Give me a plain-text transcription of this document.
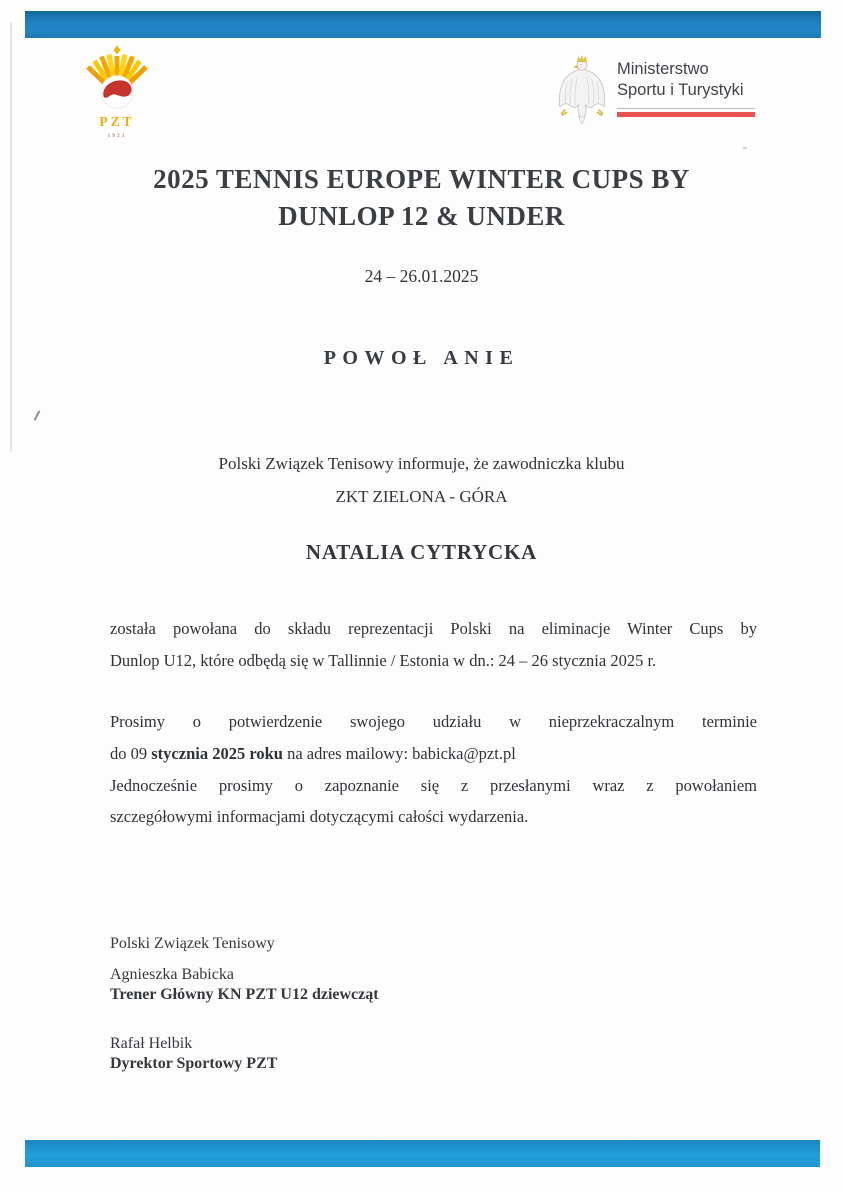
PZT
1921
Ministerstwo
Sportu i Turystyki
2025 TENNIS EUROPE WINTER CUPS BY
DUNLOP 12 & UNDER
24 – 26.01.2025
POWOŁ ANIE
Polski Związek Tenisowy informuje, że zawodniczka klubu
ZKT ZIELONA - GÓRA
NATALIA CYTRYCKA
została powołana do składu reprezentacji Polski na eliminacje Winter Cups by
Dunlop U12, które odbędą się w Tallinnie / Estonia w dn.: 24 – 26 stycznia 2025 r.
Prosimy o potwierdzenie swojego udziału w nieprzekraczalnym terminie
do 09 stycznia 2025 roku na adres mailowy: babicka@pzt.pl
Jednocześnie prosimy o zapoznanie się z przesłanymi wraz z powołaniem
szczegółowymi informacjami dotyczącymi całości wydarzenia.
Polski Związek Tenisowy
Agnieszka Babicka
Trener Główny KN PZT U12 dziewcząt
Rafał Helbik
Dyrektor Sportowy PZT
